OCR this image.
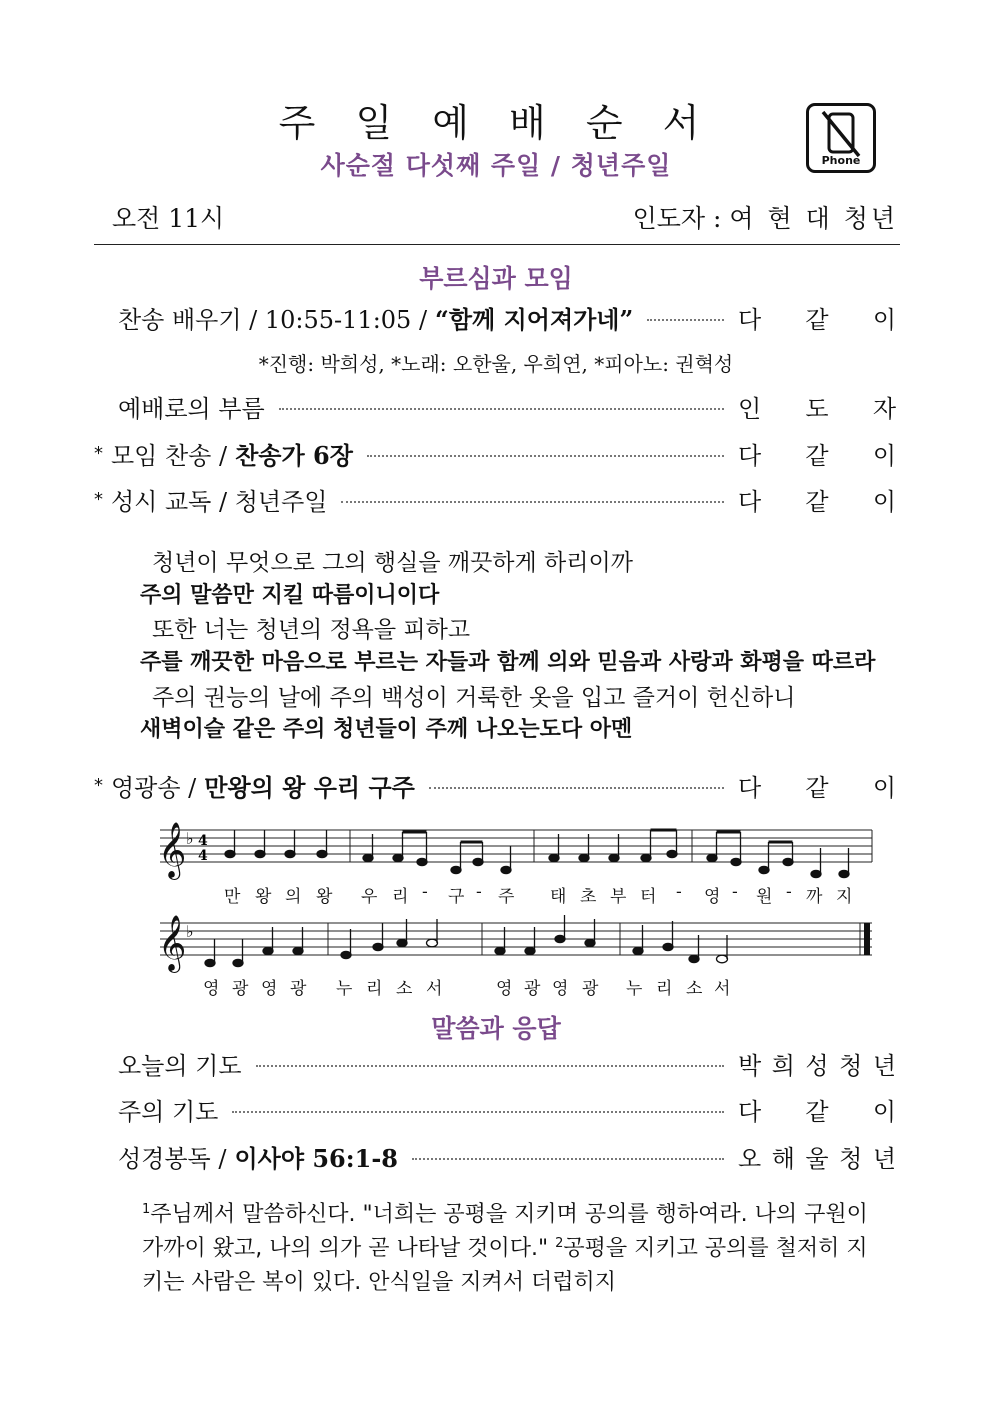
주 일 예 배 순 서
사순절 다섯째 주일 / 청년주일	Phone
오전 11시	인도자 : 여 현 대 청년
부르심과 모임
찬송 배우기 / 10:55-11:05 / “함께 지어져가네”	다 같 이
*진행: 박희성, *노래: 오한울, 우희연, *피아노: 권혁성
예배로의 부름	인 도 자
* 모임 찬송 / 찬송가 6장	다 같 이
* 성시 교독 / 청년주일	다 같 이
청년이 무엇으로 그의 행실을 깨끗하게 하리이까
주의 말씀만 지킬 따름이니이다
또한 너는 청년의 정욕을 피하고
주를 깨끗한 마음으로 부르는 자들과 함께 의와 믿음과 사랑과 화평을 따르라
주의 권능의 날에 주의 백성이 거룩한 옷을 입고 즐거이 헌신하니
새벽이슬 같은 주의 청년들이 주께 나오는도다 아멘
* 영광송 / 만왕의 왕 우리 구주	다 같 이
𝄞
𝄞
♭
♭
4
4
만 왕 의 왕 우 리 - 구 - 주 태 초 부 터 - 영 - 원 - 까 지
영 광 영 광 누 리 소 서	영 광 영 광 누 리 소 서
말씀과 응답
오늘의 기도	박 희 성 청 년
주의 기도	다 같 이
성경봉독 / 이사야 56:1-8	오 해 울 청 년
$^1$주님께서 말씀하신다. "너희는 공평을 지키며 공의를 행하여라. 나의 구원이 가까이 왔고, 나의 의가 곧 나타날 것이다." $^2$공평을 지키고 공의를 철저히 지키는 사람은 복이 있다. 안식일을 지켜서 더럽히지
